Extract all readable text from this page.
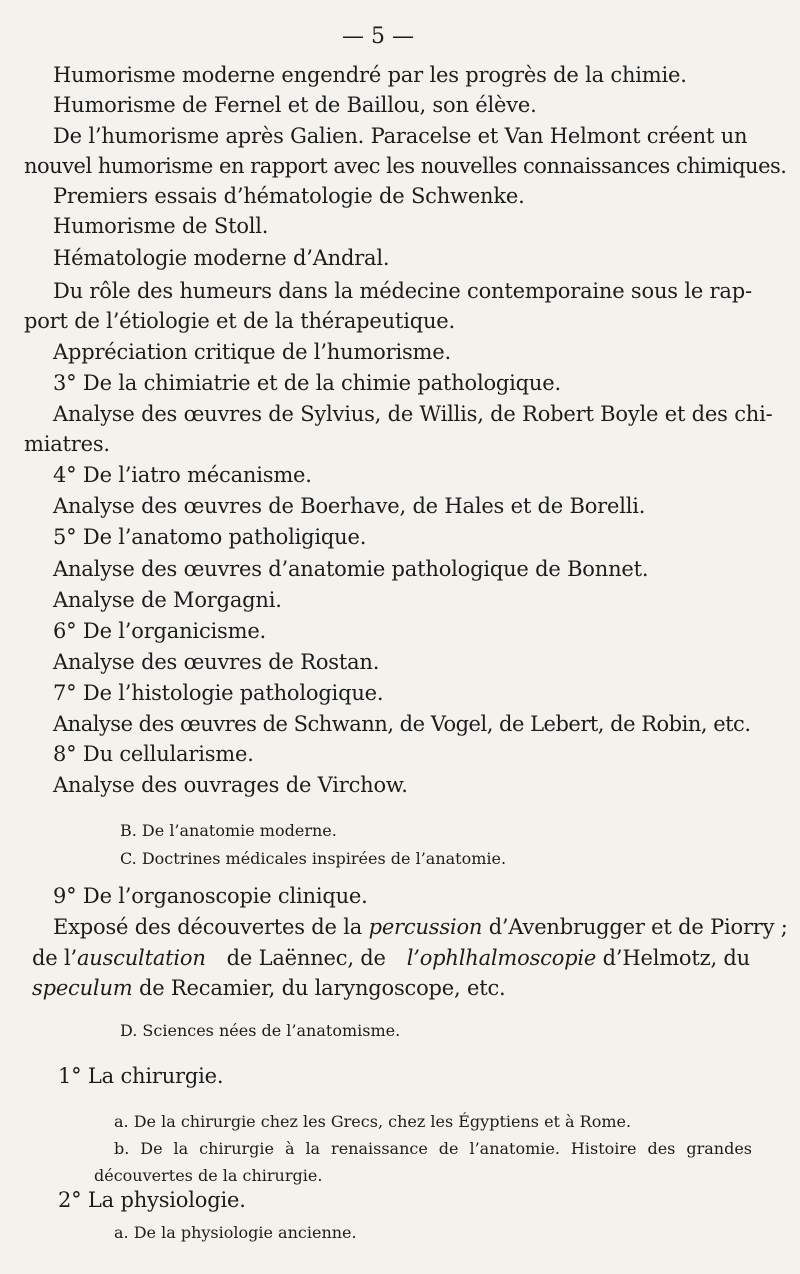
— 5 —

Humorisme moderne engendré par les progrès de la chimie.

Humorisme de Fernel et de Baillou, son élève.

De l’humorisme après Galien. Paracelse et Van Helmont créent un

nouvel humorisme en rapport avec les nouvelles connaissances chimiques.

Premiers essais d’hématologie de Schwenke.

Humorisme de Stoll.

Hématologie moderne d’Andral.

Du rôle des humeurs dans la médecine contemporaine sous le rap-

port de l’étiologie et de la thérapeutique.

Appréciation critique de l’humorisme.

3° De la chimiatrie et de la chimie pathologique.

Analyse des œuvres de Sylvius, de Willis, de Robert Boyle et des chi-

miatres.

4° De l’iatro mécanisme.

Analyse des œuvres de Boerhave, de Hales et de Borelli.

5° De l’anatomo patholigique.

Analyse des œuvres d’anatomie pathologique de Bonnet.

Analyse de Morgagni.

6° De l’organicisme.

Analyse des œuvres de Rostan.

7° De l’histologie pathologique.

Analyse des œuvres de Schwann, de Vogel, de Lebert, de Robin, etc.

8° Du cellularisme.

Analyse des ouvrages de Virchow.

B. De l’anatomie moderne.

C. Doctrines médicales inspirées de l’anatomie.

9° De l’organoscopie clinique.

Exposé des découvertes de la percussion d’Avenbrugger et de Piorry ;

de l’auscultation de Laënnec, de l’ophlhalmoscopie d’Helmotz, du

speculum de Recamier, du laryngoscope, etc.

D. Sciences nées de l’anatomisme.

1° La chirurgie.

a. De la chirurgie chez les Grecs, chez les Égyptiens et à Rome.

b. De la chirurgie à la renaissance de l’anatomie. Histoire des grandes

découvertes de la chirurgie.

2° La physiologie.

a. De la physiologie ancienne.
